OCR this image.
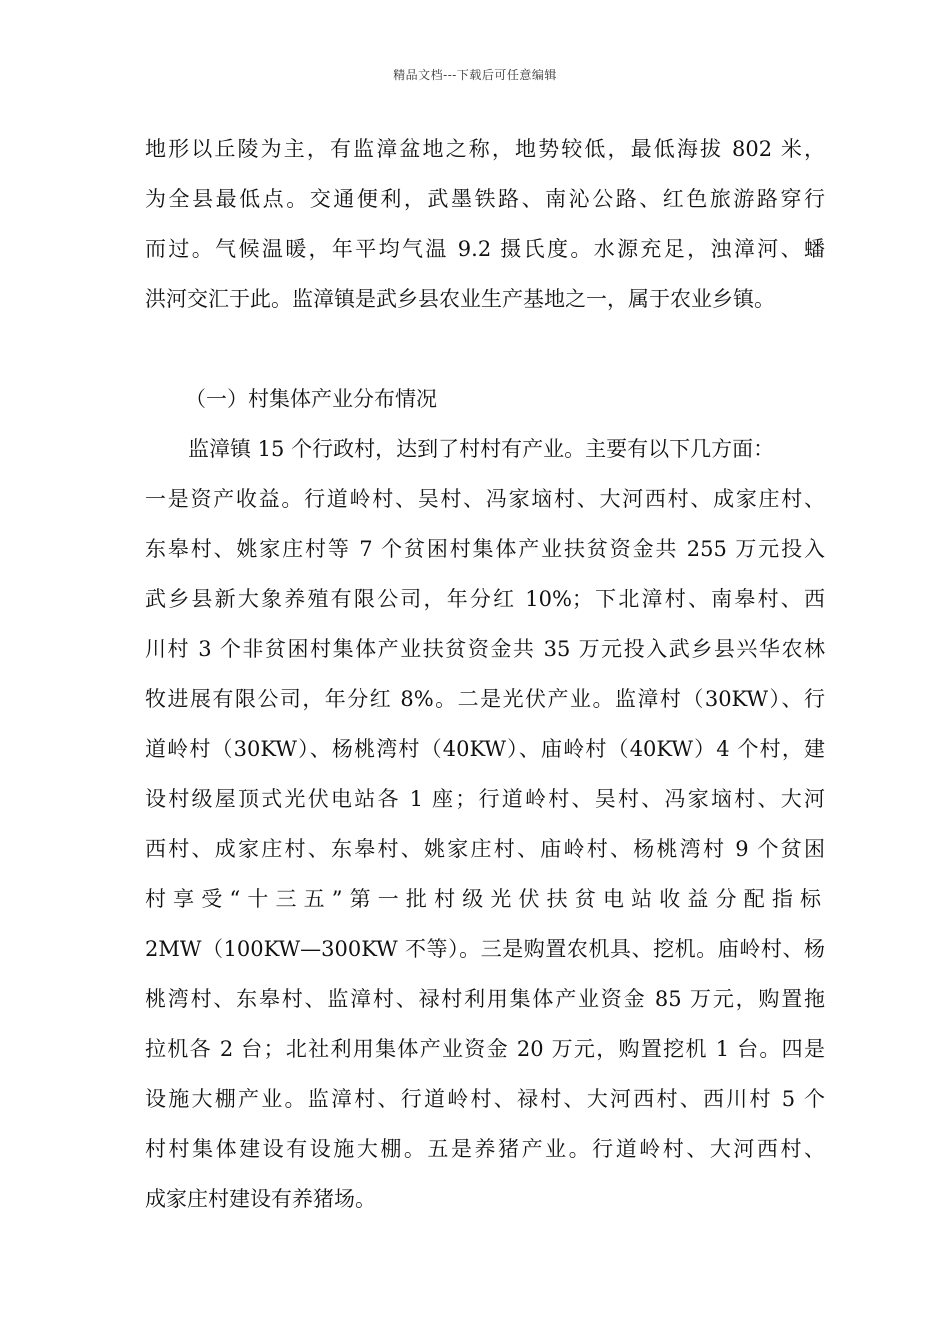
精品文档---下载后可任意编辑
地形以丘陵为主，有监漳盆地之称，地势较低，最低海拔 802 米，
为全县最低点。交通便利，武墨铁路、南沁公路、红色旅游路穿行
而过。气候温暖，年平均气温 9.2 摄氏度。水源充足，浊漳河、蟠
洪河交汇于此。监漳镇是武乡县农业生产基地之一，属于农业乡镇。
（一）村集体产业分布情况
监漳镇 15 个行政村，达到了村村有产业。主要有以下几方面：
一是资产收益。行道岭村、吴村、冯家垴村、大河西村、成家庄村、
东皋村、姚家庄村等 7 个贫困村集体产业扶贫资金共 255 万元投入
武乡县新大象养殖有限公司，年分红 10%；下北漳村、南皋村、西
川村 3 个非贫困村集体产业扶贫资金共 35 万元投入武乡县兴华农林
牧进展有限公司，年分红 8%。二是光伏产业。监漳村（30KW）、行
道岭村（30KW）、杨桃湾村（40KW）、庙岭村（40KW）4 个村，建
设村级屋顶式光伏电站各 1 座；行道岭村、吴村、冯家垴村、大河
西村、成家庄村、东皋村、姚家庄村、庙岭村、杨桃湾村 9 个贫困
村享受“十三五”第一批村级光伏扶贫电站收益分配指标
2MW（100KW—300KW 不等）。三是购置农机具、挖机。庙岭村、杨
桃湾村、东皋村、监漳村、禄村利用集体产业资金 85 万元，购置拖
拉机各 2 台；北社利用集体产业资金 20 万元，购置挖机 1 台。四是
设施大棚产业。监漳村、行道岭村、禄村、大河西村、西川村 5 个
村村集体建设有设施大棚。五是养猪产业。行道岭村、大河西村、
成家庄村建设有养猪场。
